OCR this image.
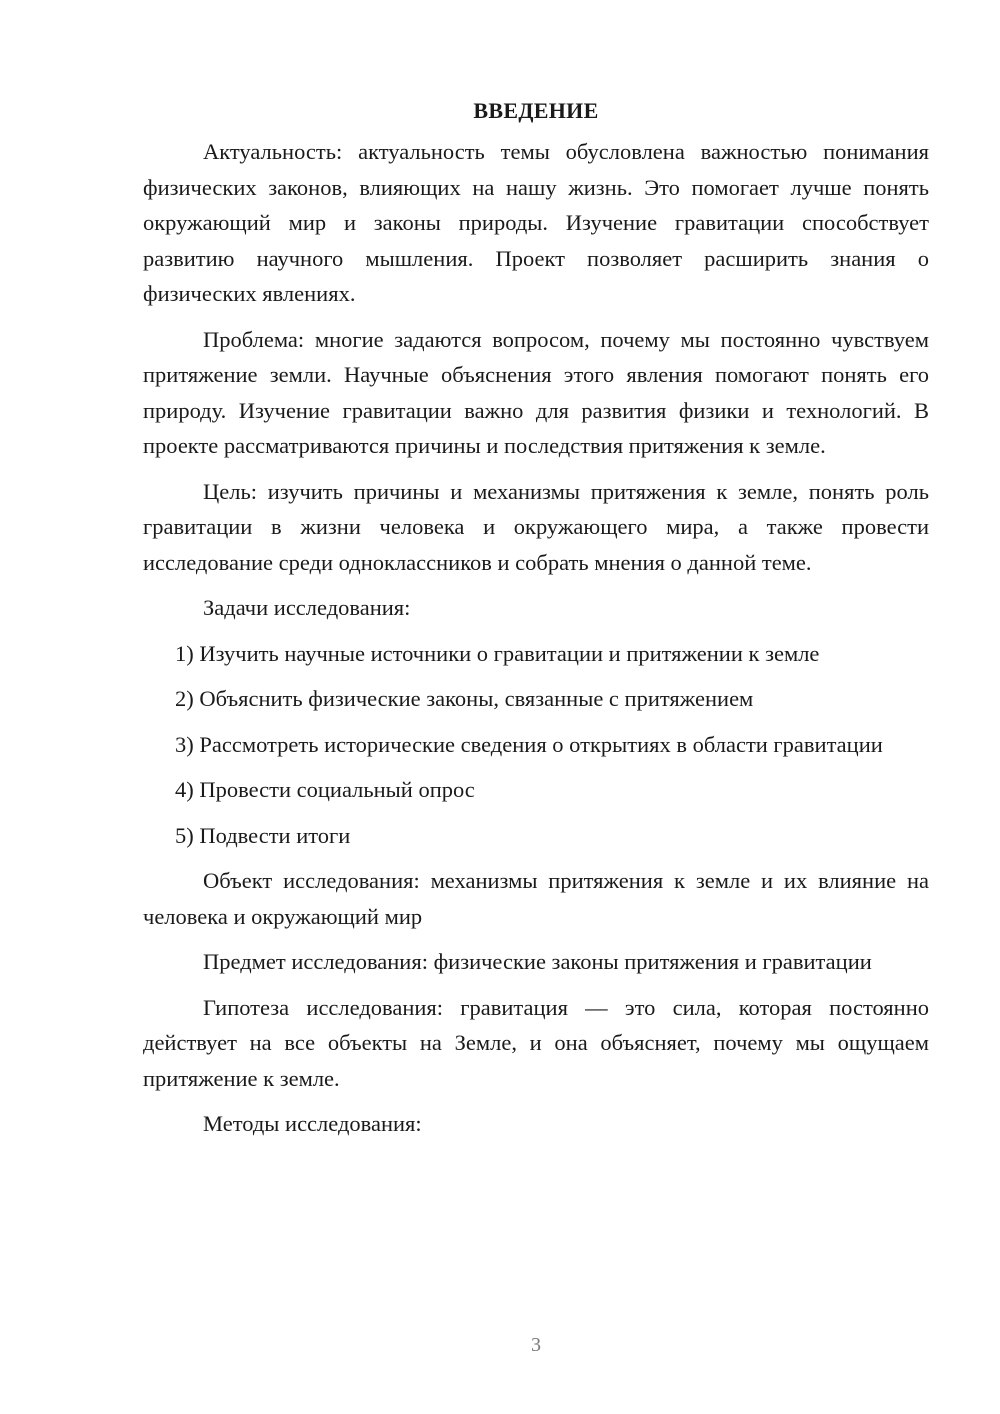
ВВЕДЕНИЕ

Актуальность: актуальность темы обусловлена важностью понимания физических законов, влияющих на нашу жизнь. Это помогает лучше понять окружающий мир и законы природы. Изучение гравитации способствует развитию научного мышления. Проект позволяет расширить знания о физических явлениях.

Проблема: многие задаются вопросом, почему мы постоянно чувствуем притяжение земли. Научные объяснения этого явления помогают понять его природу. Изучение гравитации важно для развития физики и технологий. В проекте рассматриваются причины и последствия притяжения к земле.

Цель: изучить причины и механизмы притяжения к земле, понять роль гравитации в жизни человека и окружающего мира, а также провести исследование среди одноклассников и собрать мнения о данной теме.

Задачи исследования:

1) Изучить научные источники о гравитации и притяжении к земле

2) Объяснить физические законы, связанные с притяжением

3) Рассмотреть исторические сведения о открытиях в области гравитации

4) Провести социальный опрос

5) Подвести итоги

Объект исследования: механизмы притяжения к земле и их влияние на человека и окружающий мир

Предмет исследования: физические законы притяжения и гравитации

Гипотеза исследования: гравитация — это сила, которая постоянно действует на все объекты на Земле, и она объясняет, почему мы ощущаем притяжение к земле.

Методы исследования:

3
